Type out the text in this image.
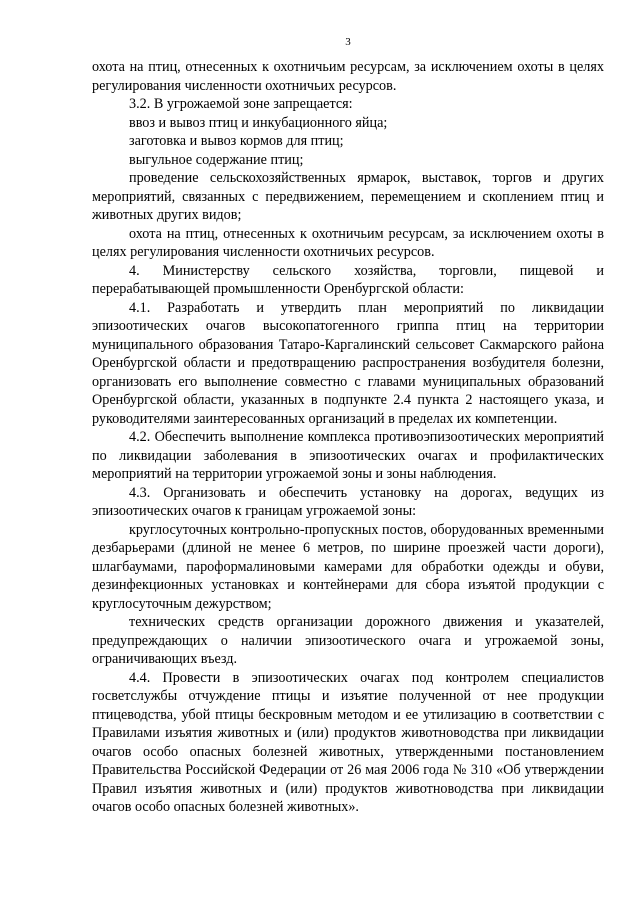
3

охота на птиц, отнесенных к охотничьим ресурсам, за исключением охоты в целях регулирования численности охотничьих ресурсов.

3.2. В угрожаемой зоне запрещается:

ввоз и вывоз птиц и инкубационного яйца;

заготовка и вывоз кормов для птиц;

выгульное содержание птиц;

проведение сельскохозяйственных ярмарок, выставок, торгов и других мероприятий, связанных с передвижением, перемещением и скоплением птиц и животных других видов;

охота на птиц, отнесенных к охотничьим ресурсам, за исключением охоты в целях регулирования численности охотничьих ресурсов.

4. Министерству сельского хозяйства, торговли, пищевой и перерабатывающей промышленности Оренбургской области:

4.1. Разработать и утвердить план мероприятий по ликвидации эпизоотических очагов высокопатогенного гриппа птиц на территории муниципального образования Татаро-Каргалинский сельсовет Сакмарского района Оренбургской области и предотвращению распространения возбудителя болезни, организовать его выполнение совместно с главами муниципальных образований Оренбургской области, указанных в подпункте 2.4 пункта 2 настоящего указа, и руководителями заинтересованных организаций в пределах их компетенции.

4.2. Обеспечить выполнение комплекса противоэпизоотических мероприятий по ликвидации заболевания в эпизоотических очагах и профилактических мероприятий на территории угрожаемой зоны и зоны наблюдения.

4.3. Организовать и обеспечить установку на дорогах, ведущих из эпизоотических очагов к границам угрожаемой зоны:

круглосуточных контрольно-пропускных постов, оборудованных временными дезбарьерами (длиной не менее 6 метров, по ширине проезжей части дороги), шлагбаумами, пароформалиновыми камерами для обработки одежды и обуви, дезинфекционных установках и контейнерами для сбора изъятой продукции с круглосуточным дежурством;

технических средств организации дорожного движения и указателей, предупреждающих о наличии эпизоотического очага и угрожаемой зоны, ограничивающих въезд.

4.4. Провести в эпизоотических очагах под контролем специалистов госветслужбы отчуждение птицы и изъятие полученной от нее продукции птицеводства, убой птицы бескровным методом и ее утилизацию в соответствии с Правилами изъятия животных и (или) продуктов животноводства при ликвидации очагов особо опасных болезней животных, утвержденными постановлением Правительства Российской Федерации от 26 мая 2006 года № 310 «Об утверждении Правил изъятия животных и (или) продуктов животноводства при ликвидации очагов особо опасных болезней животных».
